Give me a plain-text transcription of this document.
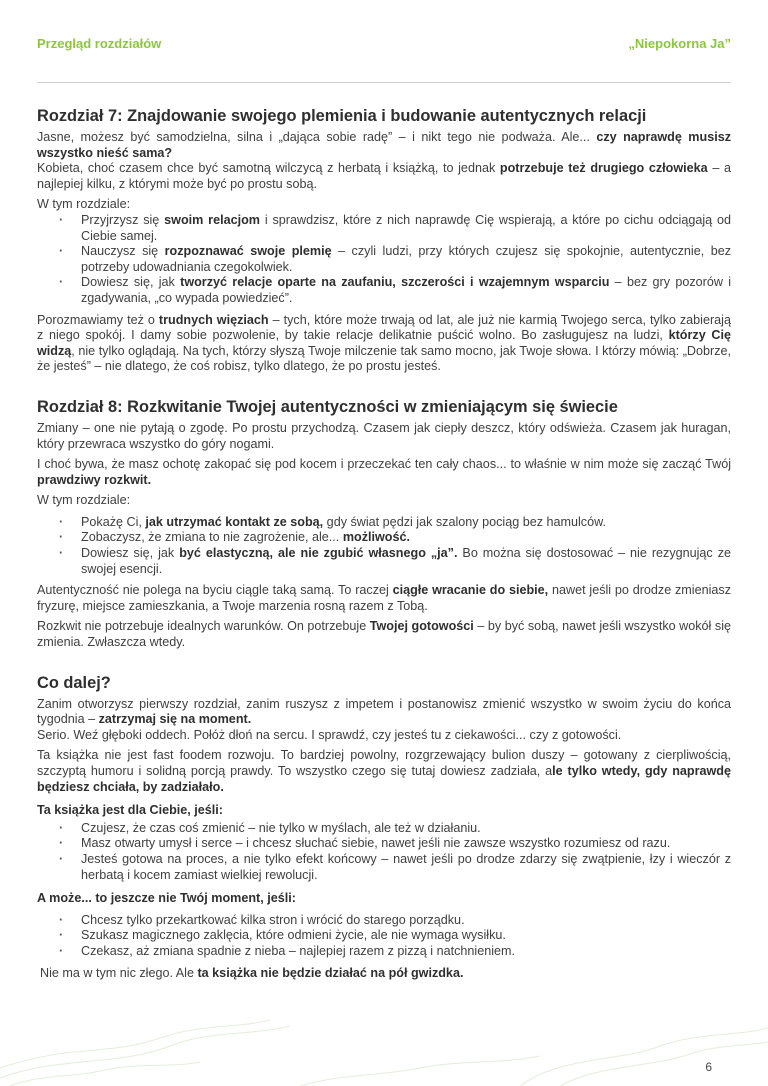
Przegląd rozdziałów	„Niepokorna Ja”
Rozdział 7: Znajdowanie swojego plemienia i budowanie autentycznych relacji

Jasne, możesz być samodzielna, silna i „dająca sobie radę” – i nikt tego nie podważa. Ale... czy naprawdę musisz wszystko nieść sama?

Kobieta, choć czasem chce być samotną wilczycą z herbatą i książką, to jednak potrzebuje też drugiego człowieka – a najlepiej kilku, z którymi może być po prostu sobą.

W tym rozdziale:

· Przyjrzysz się swoim relacjom i sprawdzisz, które z nich naprawdę Cię wspierają, a które po cichu odciągają od Ciebie samej.
· Nauczysz się rozpoznawać swoje plemię – czyli ludzi, przy których czujesz się spokojnie, autentycznie, bez potrzeby udowadniania czegokolwiek.
· Dowiesz się, jak tworzyć relacje oparte na zaufaniu, szczerości i wzajemnym wsparciu – bez gry pozorów i zgadywania, „co wypada powiedzieć”.

Porozmawiamy też o trudnych więziach – tych, które może trwają od lat, ale już nie karmią Twojego serca, tylko zabierają z niego spokój. I damy sobie pozwolenie, by takie relacje delikatnie puścić wolno. Bo zasługujesz na ludzi, którzy Cię widzą, nie tylko oglądają. Na tych, którzy słyszą Twoje milczenie tak samo mocno, jak Twoje słowa. I którzy mówią: „Dobrze, że jesteś” – nie dlatego, że coś robisz, tylko dlatego, że po prostu jesteś.

Rozdział 8: Rozkwitanie Twojej autentyczności w zmieniającym się świecie

Zmiany – one nie pytają o zgodę. Po prostu przychodzą. Czasem jak ciepły deszcz, który odświeża. Czasem jak huragan, który przewraca wszystko do góry nogami.

I choć bywa, że masz ochotę zakopać się pod kocem i przeczekać ten cały chaos... to właśnie w nim może się zacząć Twój prawdziwy rozkwit.

W tym rozdziale:

· Pokażę Ci, jak utrzymać kontakt ze sobą, gdy świat pędzi jak szalony pociąg bez hamulców.
· Zobaczysz, że zmiana to nie zagrożenie, ale... możliwość.
· Dowiesz się, jak być elastyczną, ale nie zgubić własnego „ja”. Bo można się dostosować – nie rezygnując ze swojej esencji.

Autentyczność nie polega na byciu ciągle taką samą. To raczej ciągłe wracanie do siebie, nawet jeśli po drodze zmieniasz fryzurę, miejsce zamieszkania, a Twoje marzenia rosną razem z Tobą.

Rozkwit nie potrzebuje idealnych warunków. On potrzebuje Twojej gotowości – by być sobą, nawet jeśli wszystko wokół się zmienia. Zwłaszcza wtedy.

Co dalej?

Zanim otworzysz pierwszy rozdział, zanim ruszysz z impetem i postanowisz zmienić wszystko w swoim życiu do końca tygodnia – zatrzymaj się na moment.

Serio. Weź głęboki oddech. Połóż dłoń na sercu. I sprawdź, czy jesteś tu z ciekawości... czy z gotowości.

Ta książka nie jest fast foodem rozwoju. To bardziej powolny, rozgrzewający bulion duszy – gotowany z cierpliwością, szczyptą humoru i solidną porcją prawdy. To wszystko czego się tutaj dowiesz zadziała, ale tylko wtedy, gdy naprawdę będziesz chciała, by zadziałało.

Ta książka jest dla Ciebie, jeśli:
· Czujesz, że czas coś zmienić – nie tylko w myślach, ale też w działaniu.
· Masz otwarty umysł i serce – i chcesz słuchać siebie, nawet jeśli nie zawsze wszystko rozumiesz od razu.
· Jesteś gotowa na proces, a nie tylko efekt końcowy – nawet jeśli po drodze zdarzy się zwątpienie, łzy i wieczór z herbatą i kocem zamiast wielkiej rewolucji.
A może... to jeszcze nie Twój moment, jeśli:
· Chcesz tylko przekartkować kilka stron i wrócić do starego porządku.
· Szukasz magicznego zaklęcia, które odmieni życie, ale nie wymaga wysiłku.
· Czekasz, aż zmiana spadnie z nieba – najlepiej razem z pizzą i natchnieniem.

Nie ma w tym nic złego. Ale ta książka nie będzie działać na pół gwizdka.

6
